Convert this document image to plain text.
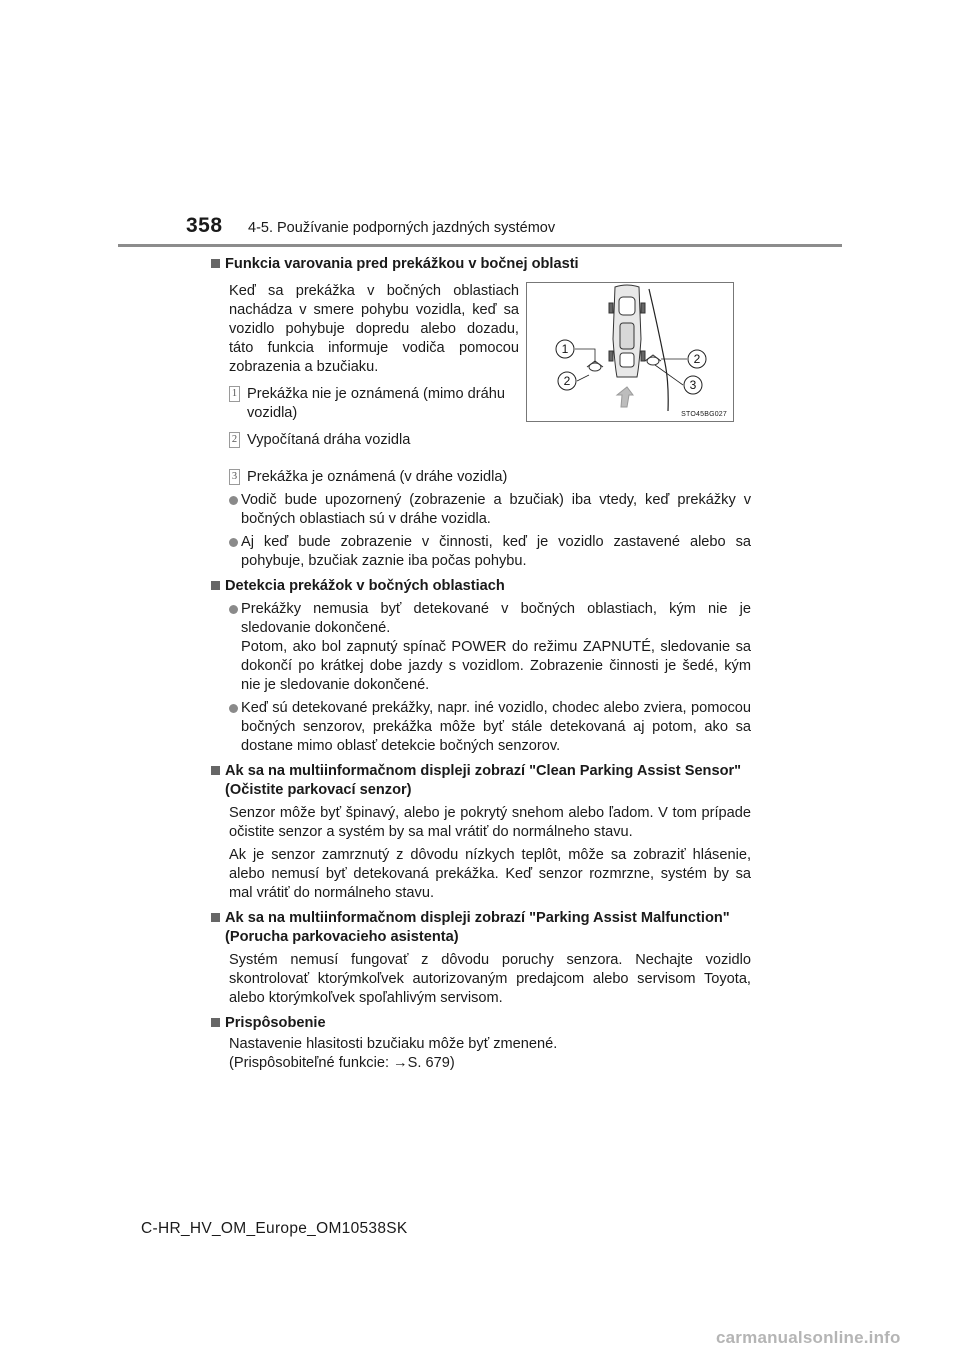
358 4-5. Používanie podporných jazdných systémov
1
2
2	3
STO45BG027
Funkcia varovania pred prekážkou v bočnej oblasti
Keď sa prekážka v bočných oblastiach nachádza v smere pohybu vozidla, keď sa vozidlo pohybuje dopredu alebo dozadu, táto funkcia informuje vodiča pomocou zobrazenia a bzučiaku.
1 Prekážka nie je oznámená (mimo dráhu vozidla)
2 Vypočítaná dráha vozidla
3 Prekážka je oznámená (v dráhe vozidla)
Vodič bude upozornený (zobrazenie a bzučiak) iba vtedy, keď prekážky v bočných oblastiach sú v dráhe vozidla.
Aj keď bude zobrazenie v činnosti, keď je vozidlo zastavené alebo sa pohybuje, bzučiak zaznie iba počas pohybu.
Detekcia prekážok v bočných oblastiach
Prekážky nemusia byť detekované v bočných oblastiach, kým nie je sledovanie dokončené.
Potom, ako bol zapnutý spínač POWER do režimu ZAPNUTÉ, sledovanie sa dokončí po krátkej dobe jazdy s vozidlom. Zobrazenie činnosti je šedé, kým nie je sledovanie dokončené.
Keď sú detekované prekážky, napr. iné vozidlo, chodec alebo zviera, pomocou bočných senzorov, prekážka môže byť stále detekovaná aj potom, ako sa dostane mimo oblasť detekcie bočných senzorov.
Ak sa na multiinformačnom displeji zobrazí "Clean Parking Assist Sensor" (Očistite parkovací senzor)
Senzor môže byť špinavý, alebo je pokrytý snehom alebo ľadom. V tom prípade očistite senzor a systém by sa mal vrátiť do normálneho stavu.
Ak je senzor zamrznutý z dôvodu nízkych teplôt, môže sa zobraziť hlásenie, alebo nemusí byť detekovaná prekážka. Keď senzor rozmrzne, systém by sa mal vrátiť do normálneho stavu.
Ak sa na multiinformačnom displeji zobrazí "Parking Assist Malfunction" (Porucha parkovacieho asistenta)
Systém nemusí fungovať z dôvodu poruchy senzora. Nechajte vozidlo skontrolovať ktorýmkoľvek autorizovaným predajcom alebo servisom Toyota, alebo ktorýmkoľvek spoľahlivým servisom.
Prispôsobenie
Nastavenie hlasitosti bzučiaku môže byť zmenené.
(Prispôsobiteľné funkcie: →S. 679)
C-HR_HV_OM_Europe_OM10538SK
carmanualsonline.info
